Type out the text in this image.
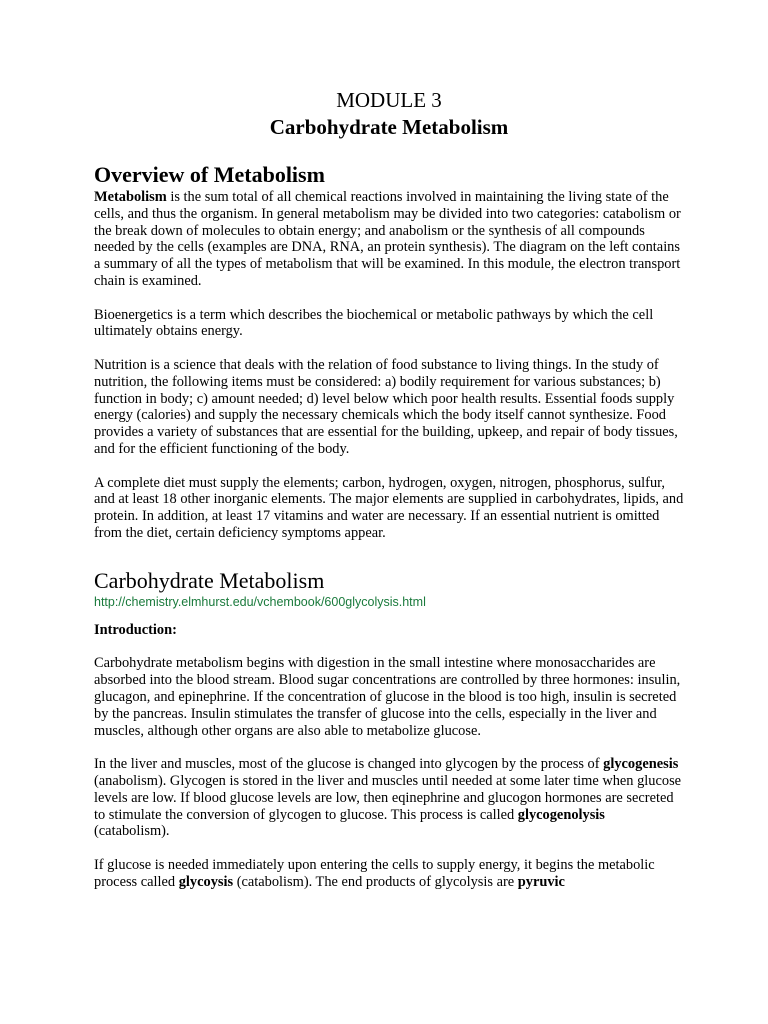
MODULE 3
Carbohydrate Metabolism
Overview of Metabolism

Metabolism is the sum total of all chemical reactions involved in maintaining the living state of the cells, and thus the organism. In general metabolism may be divided into two categories: catabolism or the break down of molecules to obtain energy; and anabolism or the synthesis of all compounds needed by the cells (examples are DNA, RNA, an protein synthesis). The diagram on the left contains a summary of all the types of metabolism that will be examined. In this module, the electron transport chain is examined.

Bioenergetics is a term which describes the biochemical or metabolic pathways by which the cell ultimately obtains energy.

Nutrition is a science that deals with the relation of food substance to living things. In the study of nutrition, the following items must be considered: a) bodily requirement for various substances; b) function in body; c) amount needed; d) level below which poor health results. Essential foods supply energy (calories) and supply the necessary chemicals which the body itself cannot synthesize. Food provides a variety of substances that are essential for the building, upkeep, and repair of body tissues, and for the efficient functioning of the body.

A complete diet must supply the elements; carbon, hydrogen, oxygen, nitrogen, phosphorus, sulfur, and at least 18 other inorganic elements. The major elements are supplied in carbohydrates, lipids, and protein. In addition, at least 17 vitamins and water are necessary. If an essential nutrient is omitted from the diet, certain deficiency symptoms appear.

Carbohydrate Metabolism
http://chemistry.elmhurst.edu/vchembook/600glycolysis.html

Introduction:

Carbohydrate metabolism begins with digestion in the small intestine where monosaccharides are absorbed into the blood stream. Blood sugar concentrations are controlled by three hormones: insulin, glucagon, and epinephrine. If the concentration of glucose in the blood is too high, insulin is secreted by the pancreas. Insulin stimulates the transfer of glucose into the cells, especially in the liver and muscles, although other organs are also able to metabolize glucose.

In the liver and muscles, most of the glucose is changed into glycogen by the process of glycogenesis (anabolism). Glycogen is stored in the liver and muscles until needed at some later time when glucose levels are low. If blood glucose levels are low, then eqinephrine and glucogon hormones are secreted to stimulate the conversion of glycogen to glucose. This process is called glycogenolysis (catabolism).

If glucose is needed immediately upon entering the cells to supply energy, it begins the metabolic process called glycoysis (catabolism). The end products of glycolysis are pyruvic
